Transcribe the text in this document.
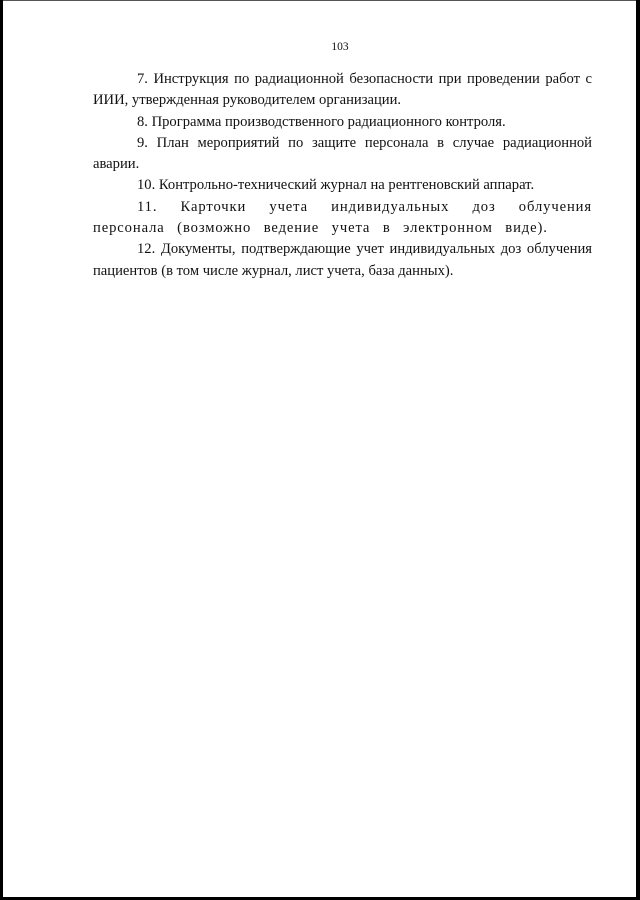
103

7. Инструкция по радиационной безопасности при проведении работ с ИИИ, утвержденная руководителем организации.

8. Программа производственного радиационного контроля.

9. План мероприятий по защите персонала в случае радиационной аварии.

10. Контрольно-технический журнал на рентгеновский аппарат.

11. Карточки учета индивидуальных доз облучения персонала (возможно ведение учета в электронном виде).

12. Документы, подтверждающие учет индивидуальных доз облучения пациентов (в том числе журнал, лист учета, база данных).
